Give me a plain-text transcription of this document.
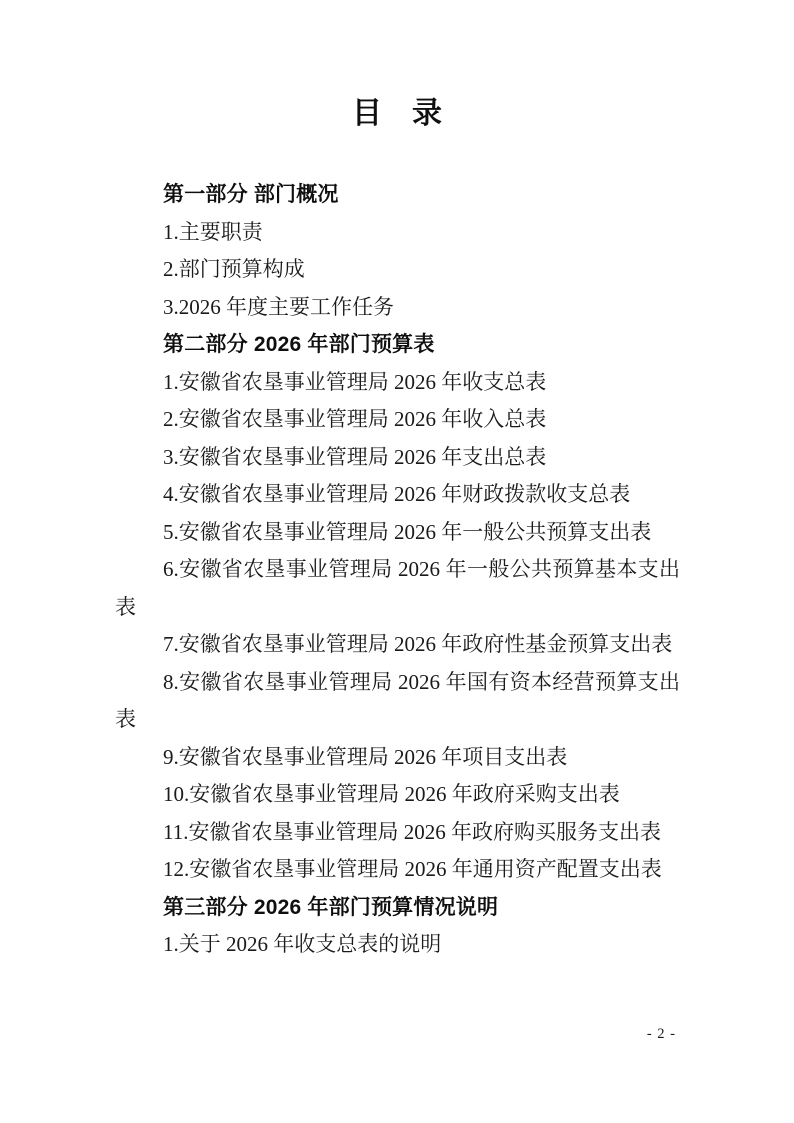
目　录

第一部分 部门概况

1.主要职责

2.部门预算构成

3.2026 年度主要工作任务

第二部分 2026 年部门预算表

1.安徽省农垦事业管理局 2026 年收支总表

2.安徽省农垦事业管理局 2026 年收入总表

3.安徽省农垦事业管理局 2026 年支出总表

4.安徽省农垦事业管理局 2026 年财政拨款收支总表

5.安徽省农垦事业管理局 2026 年一般公共预算支出表

6.安徽省农垦事业管理局 2026 年一般公共预算基本支出表

7.安徽省农垦事业管理局 2026 年政府性基金预算支出表

8.安徽省农垦事业管理局 2026 年国有资本经营预算支出表

9.安徽省农垦事业管理局 2026 年项目支出表

10.安徽省农垦事业管理局 2026 年政府采购支出表

11.安徽省农垦事业管理局 2026 年政府购买服务支出表

12.安徽省农垦事业管理局 2026 年通用资产配置支出表

第三部分 2026 年部门预算情况说明

1.关于 2026 年收支总表的说明

- 2 -
